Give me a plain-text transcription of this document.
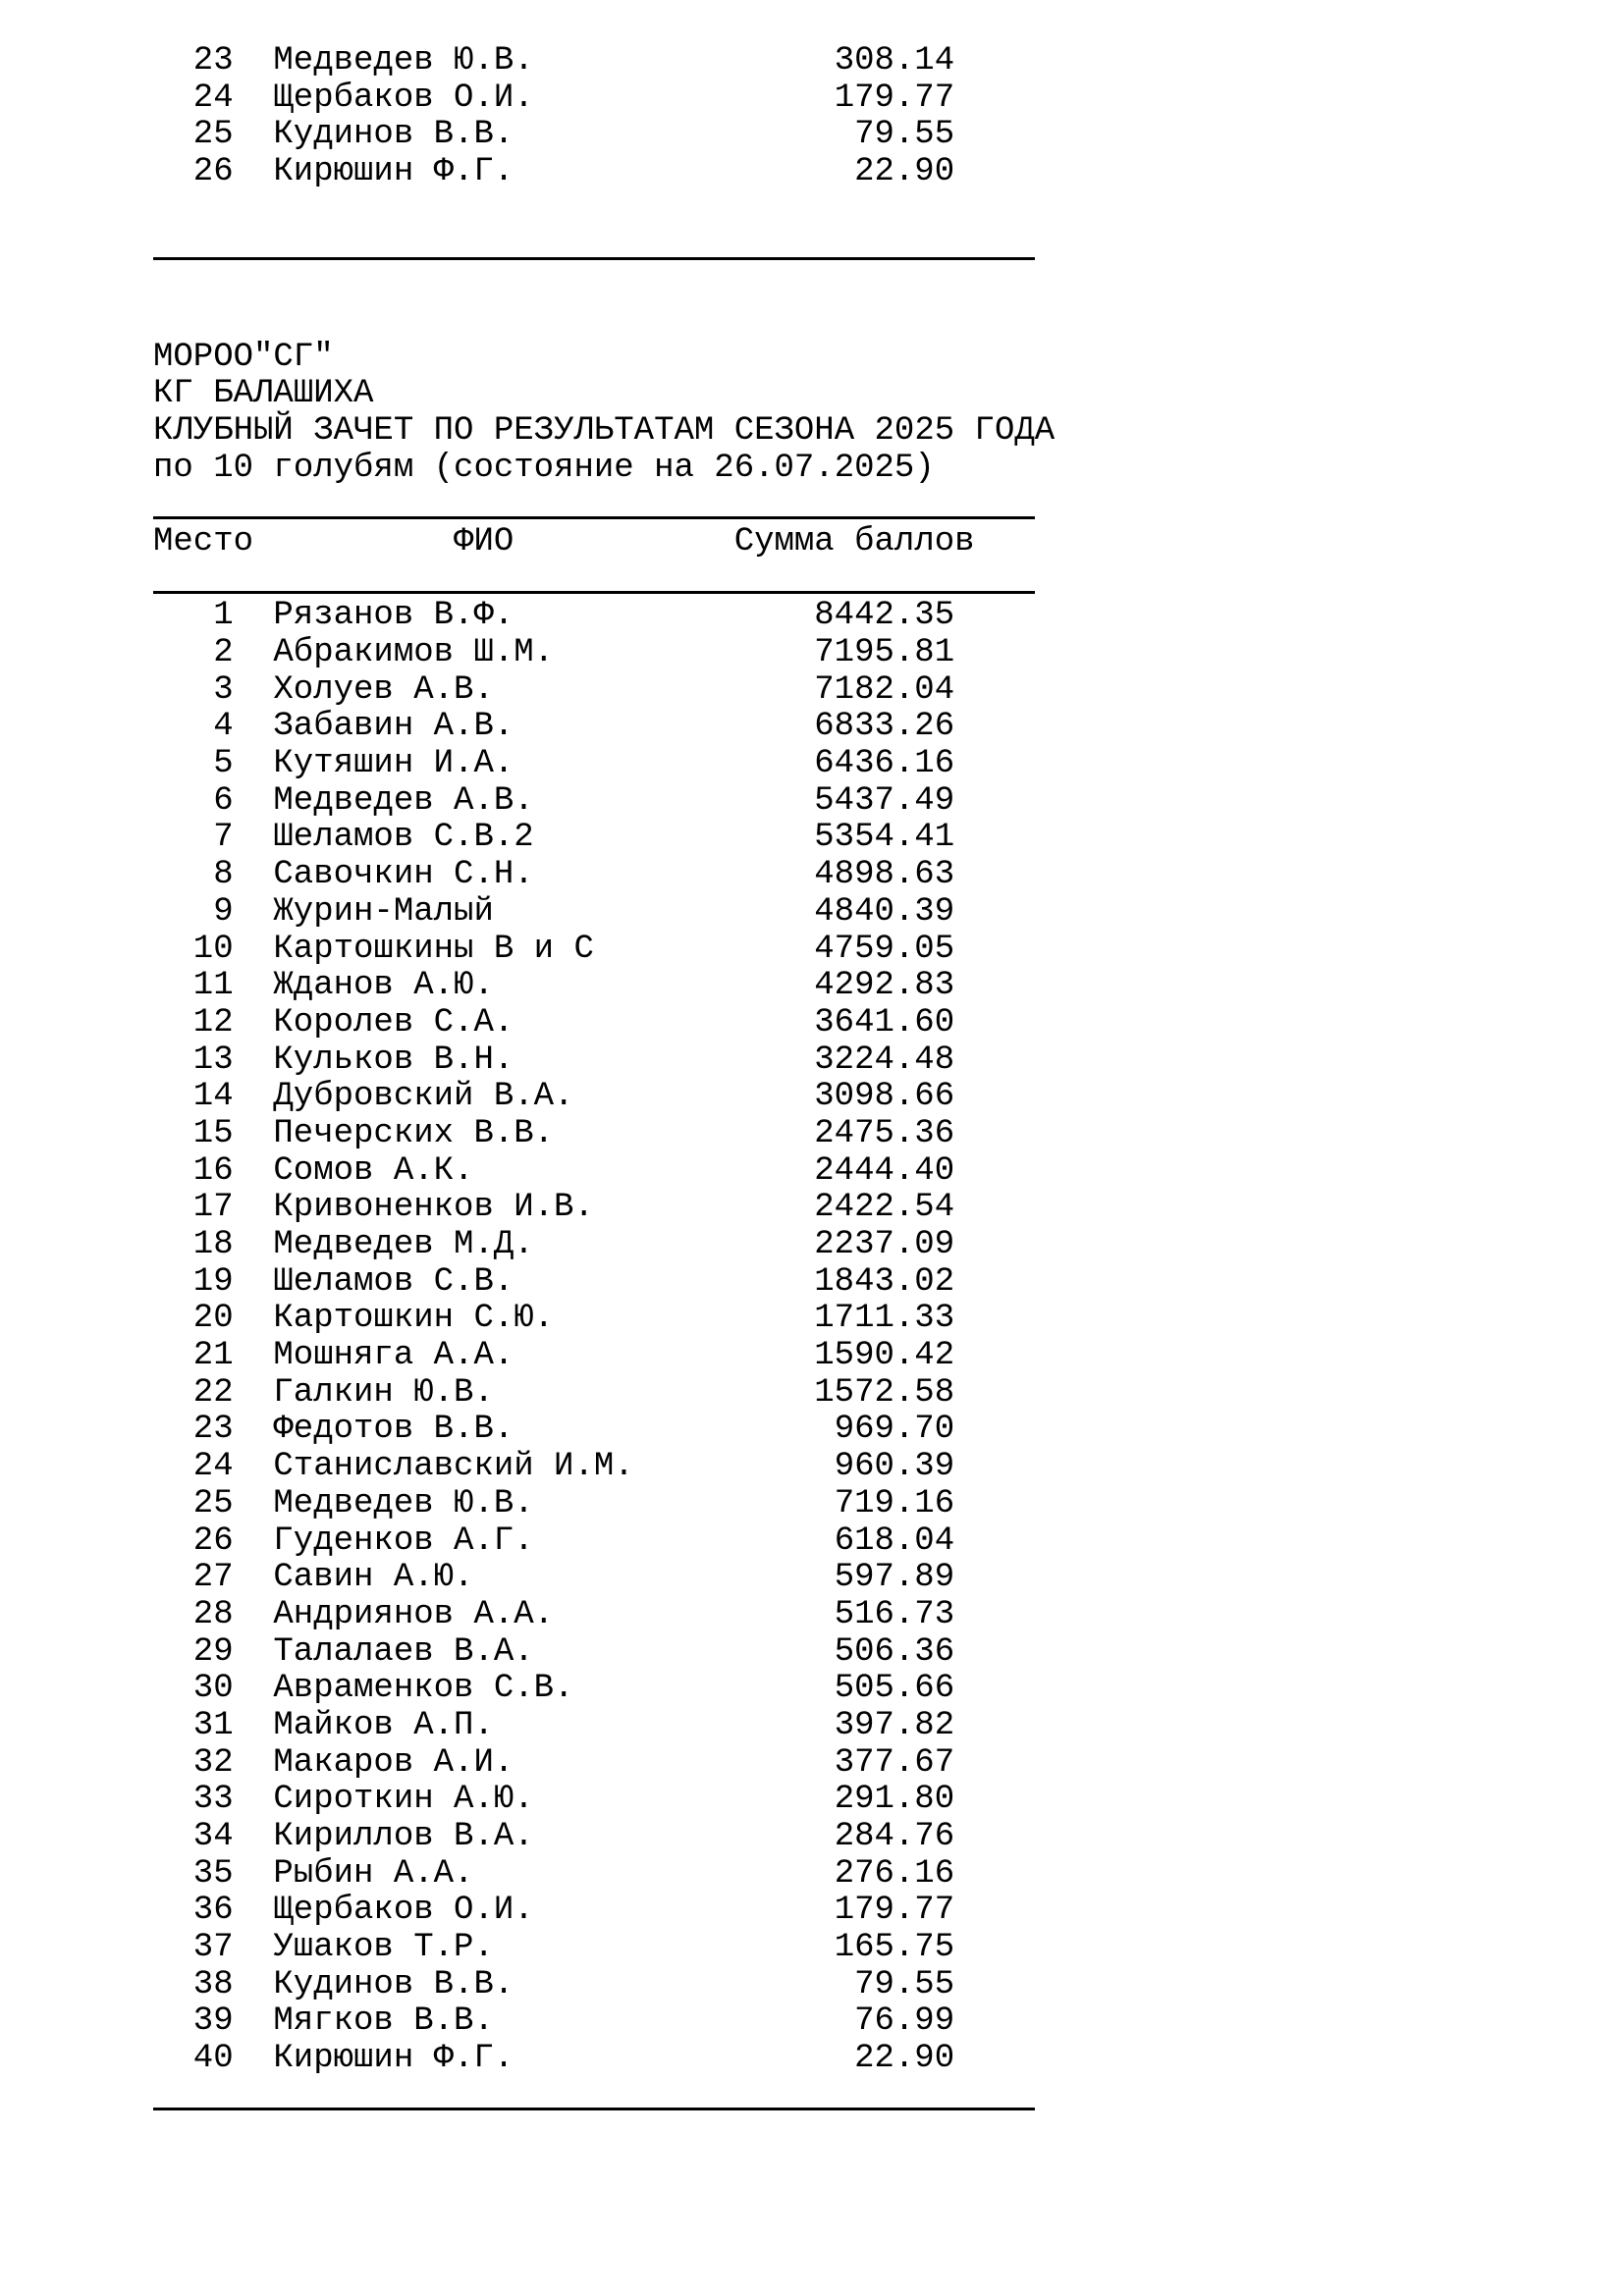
23 Медведев Ю.В.	308.14
24 Щербаков О.И.	179.77
25 Кудинов В.В.	79.55
26 Кирюшин Ф.Г.	22.90
МОРОО"СГ"
КГ БАЛАШИХА
КЛУБНЫЙ ЗАЧЕТ ПО РЕЗУЛЬТАТАМ СЕЗОНА 2025 ГОДА
по 10 голубям (состояние на 26.07.2025)
Место	ФИО	Сумма баллов
1 Рязанов В.Ф.	8442.35
2 Абракимов Ш.М.	7195.81
3 Холуев А.В.	7182.04
4 Забавин А.В.	6833.26
5 Кутяшин И.А.	6436.16
6 Медведев А.В.	5437.49
7 Шеламов С.В.2	5354.41
8 Савочкин С.Н.	4898.63
9 Журин-Малый	4840.39
10 Картошкины В и С	4759.05
11 Жданов А.Ю.	4292.83
12 Королев С.А.	3641.60
13 Кульков В.Н.	3224.48
14 Дубровский В.А.	3098.66
15 Печерских В.В.	2475.36
16 Сомов А.К.	2444.40
17 Кривоненков И.В.	2422.54
18 Медведев М.Д.	2237.09
19 Шеламов С.В.	1843.02
20 Картошкин С.Ю.	1711.33
21 Мошняга А.А.	1590.42
22 Галкин Ю.В.	1572.58
23 Федотов В.В.	969.70
24 Станиславский И.М.	960.39
25 Медведев Ю.В.	719.16
26 Гуденков А.Г.	618.04
27 Савин А.Ю.	597.89
28 Андриянов А.А.	516.73
29 Талалаев В.А.	506.36
30 Авраменков С.В.	505.66
31 Майков А.П.	397.82
32 Макаров А.И.	377.67
33 Сироткин А.Ю.	291.80
34 Кириллов В.А.	284.76
35 Рыбин А.А.	276.16
36 Щербаков О.И.	179.77
37 Ушаков Т.Р.	165.75
38 Кудинов В.В.	79.55
39 Мягков В.В.	76.99
40 Кирюшин Ф.Г.	22.90
